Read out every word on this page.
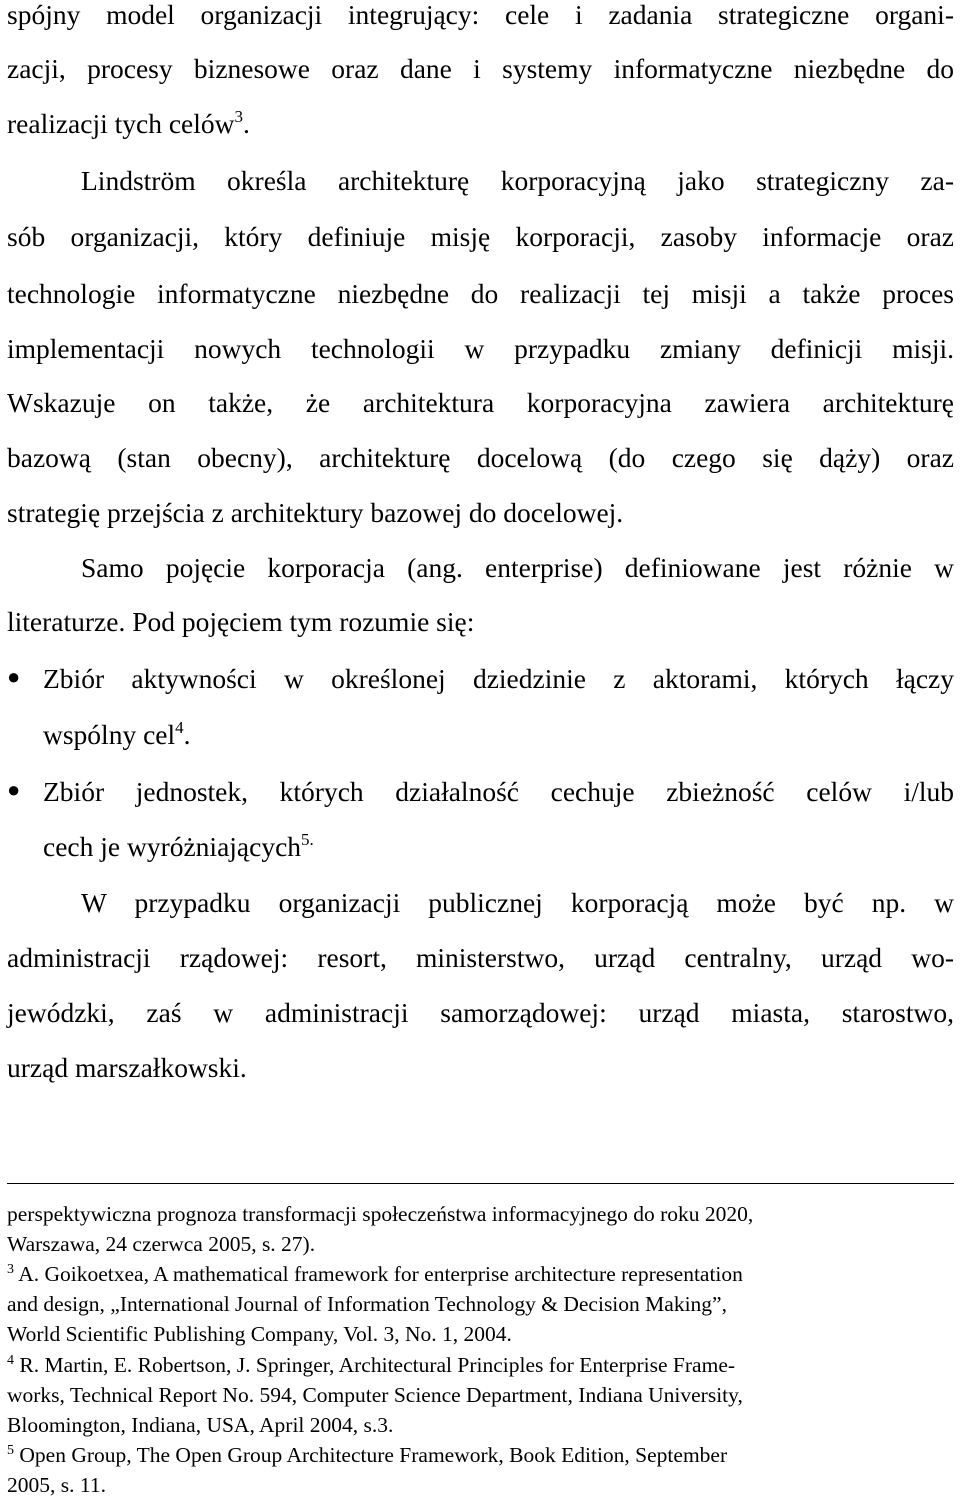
spójny model organizacji integrujący: cele i zadania strategiczne organi-
zacji, procesy biznesowe oraz dane i systemy informatyczne niezbędne do
realizacji tych celów$^3$.
Lindström określa architekturę korporacyjną jako strategiczny za-
sób organizacji, który definiuje misję korporacji, zasoby informacje oraz
technologie informatyczne niezbędne do realizacji tej misji a także proces
implementacji nowych technologii w przypadku zmiany definicji misji.
Wskazuje on także, że architektura korporacyjna zawiera architekturę
bazową (stan obecny), architekturę docelową (do czego się dąży) oraz
strategię przejścia z architektury bazowej do docelowej.
Samo pojęcie korporacja (ang. enterprise) definiowane jest różnie w
literaturze. Pod pojęciem tym rozumie się:
● Zbiór aktywności w określonej dziedzinie z aktorami, których łączy
wspólny cel$^4$.
● Zbiór jednostek, których działalność cechuje zbieżność celów i/lub
cech je wyróżniających$^{5.}$
W przypadku organizacji publicznej korporacją może być np. w
administracji rządowej: resort, ministerstwo, urząd centralny, urząd wo-
jewódzki, zaś w administracji samorządowej: urząd miasta, starostwo,
urząd marszałkowski.
perspektywiczna prognoza transformacji społeczeństwa informacyjnego do roku 2020,
Warszawa, 24 czerwca 2005, s. 27).
$^3$ A. Goikoetxea, A mathematical framework for enterprise architecture representation
and design, „International Journal of Information Technology & Decision Making”,
World Scientific Publishing Company, Vol. 3, No. 1, 2004.
$^4$ R. Martin, E. Robertson, J. Springer, Architectural Principles for Enterprise Frame-
works, Technical Report No. 594, Computer Science Department, Indiana University,
Bloomington, Indiana, USA, April 2004, s.3.
$^5$ Open Group, The Open Group Architecture Framework, Book Edition, September
2005, s. 11.
